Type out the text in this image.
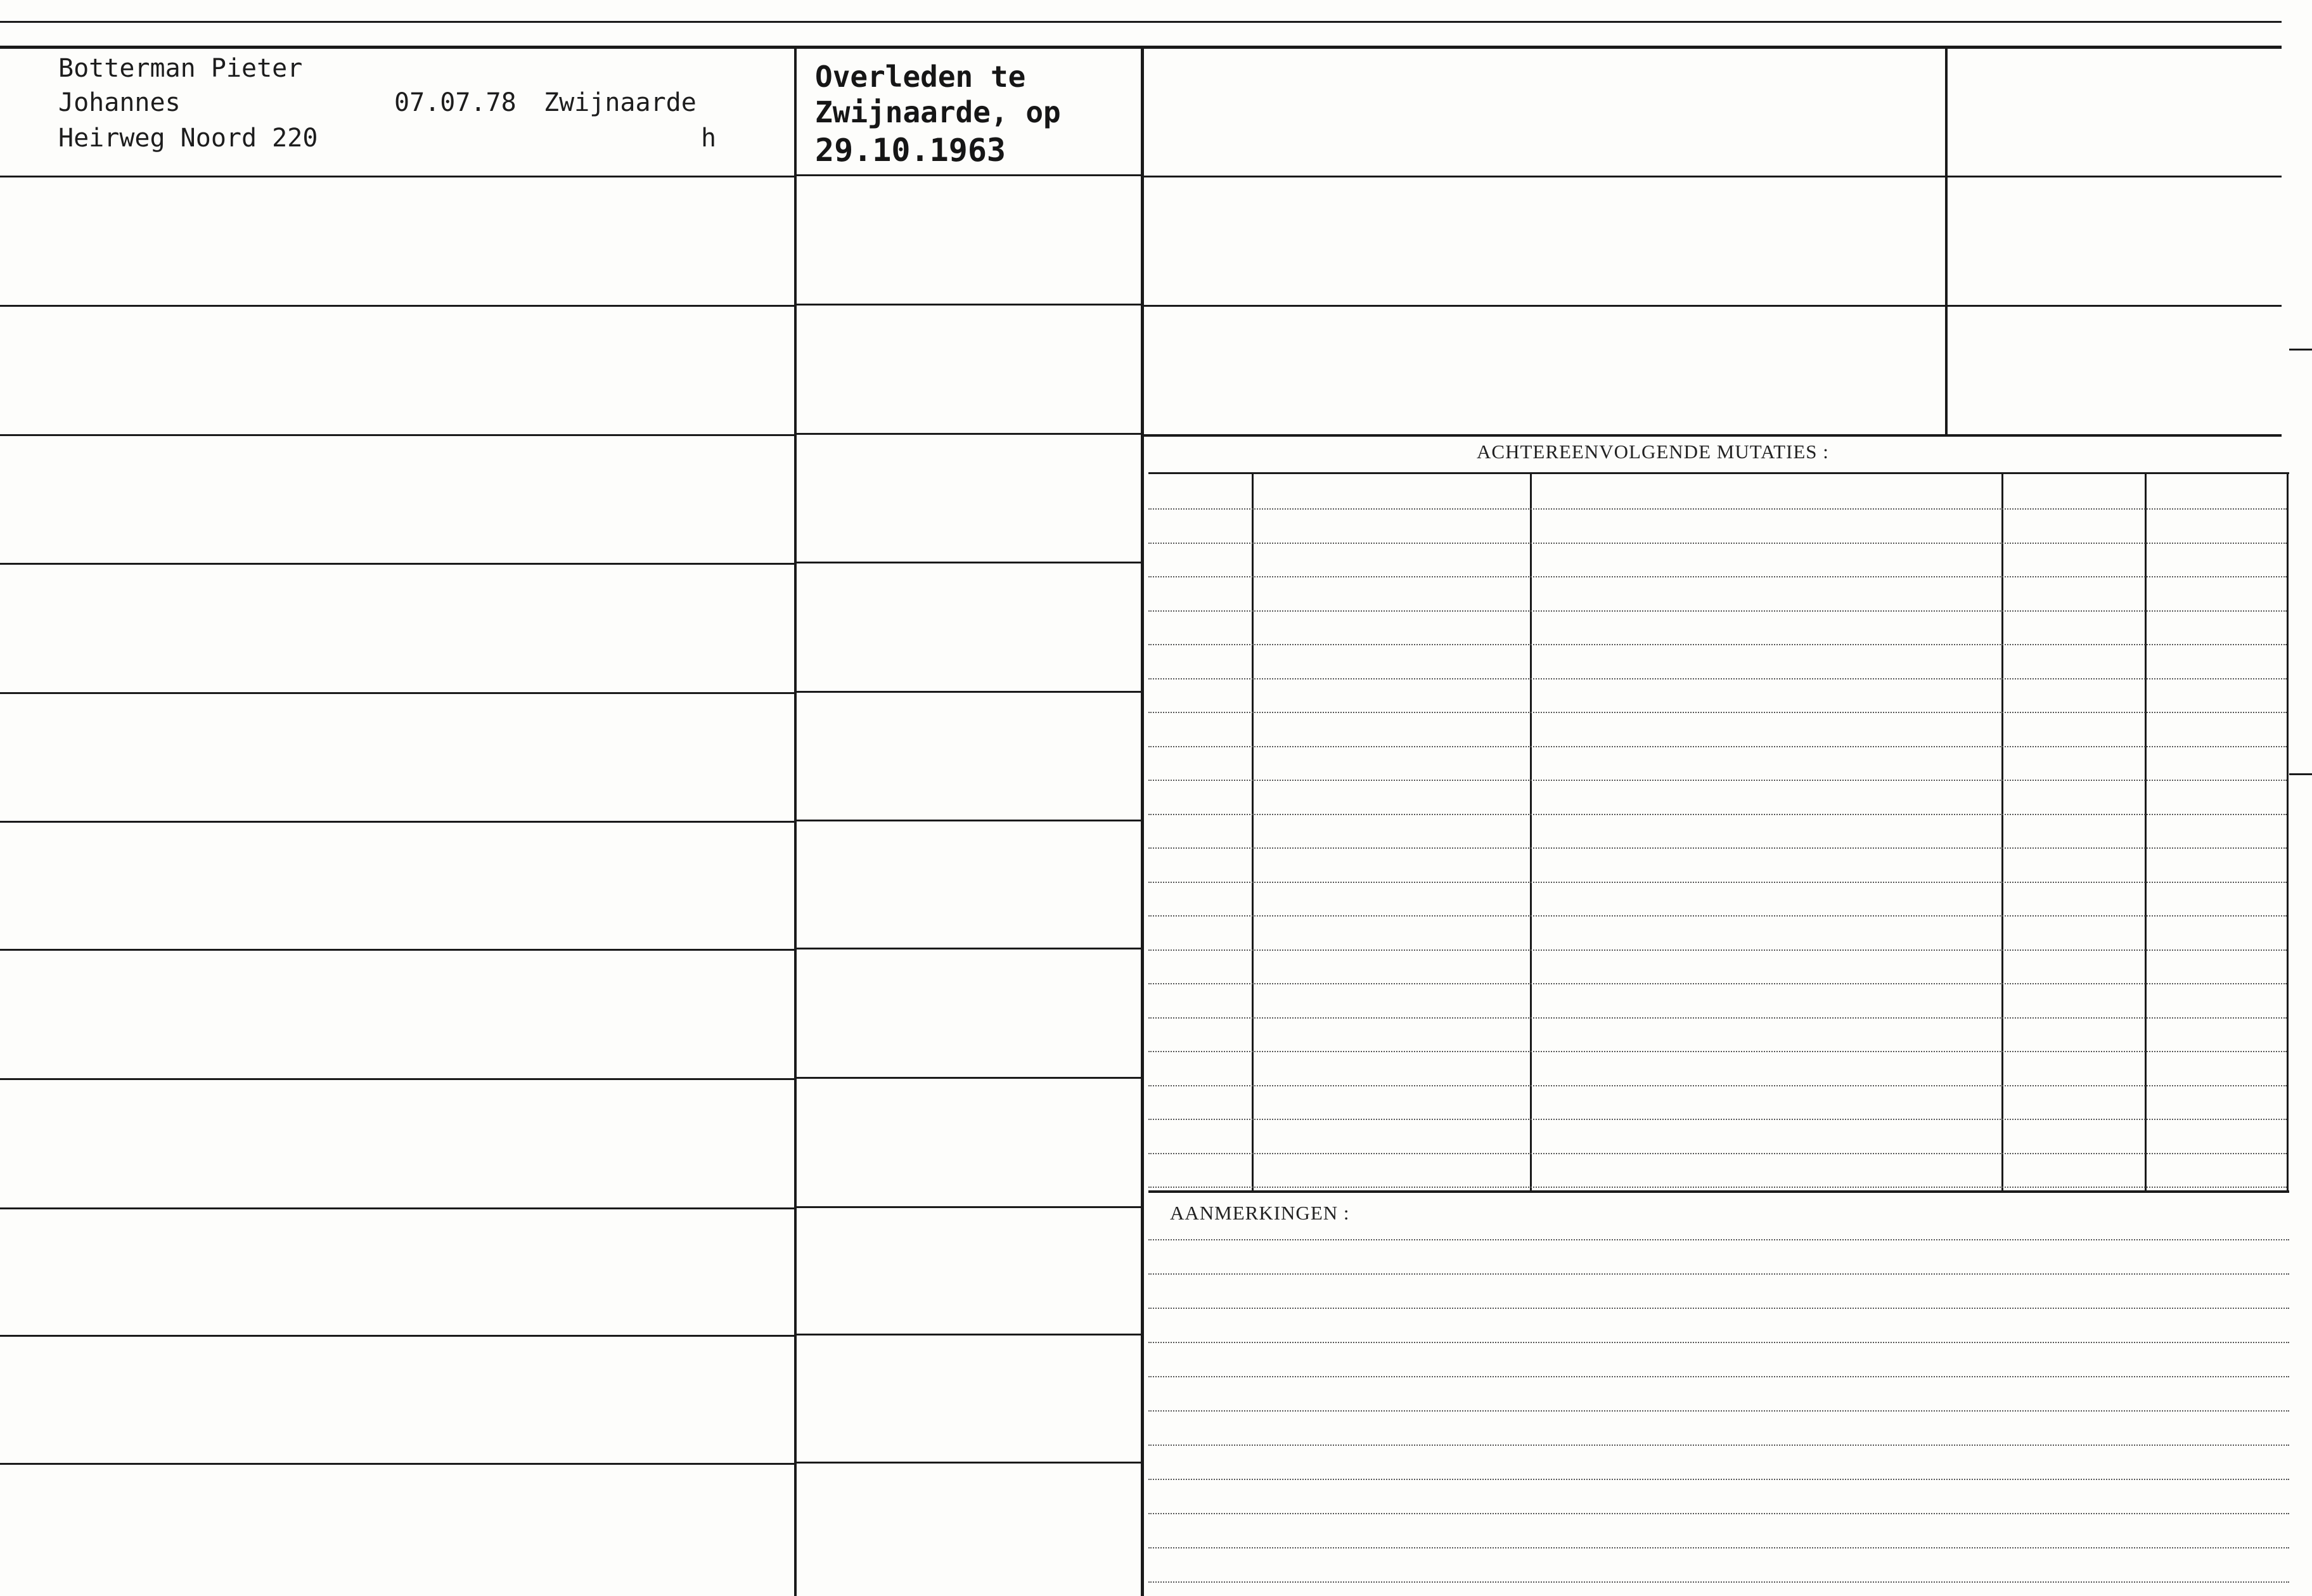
Botterman Pieter
Johannes
Heirweg Noord 220
07.07.78 Zwijnaarde
h
Overleden te
Zwijnaarde, op
29.10.1963
ACHTEREENVOLGENDE MUTATIES :
AANMERKINGEN :
